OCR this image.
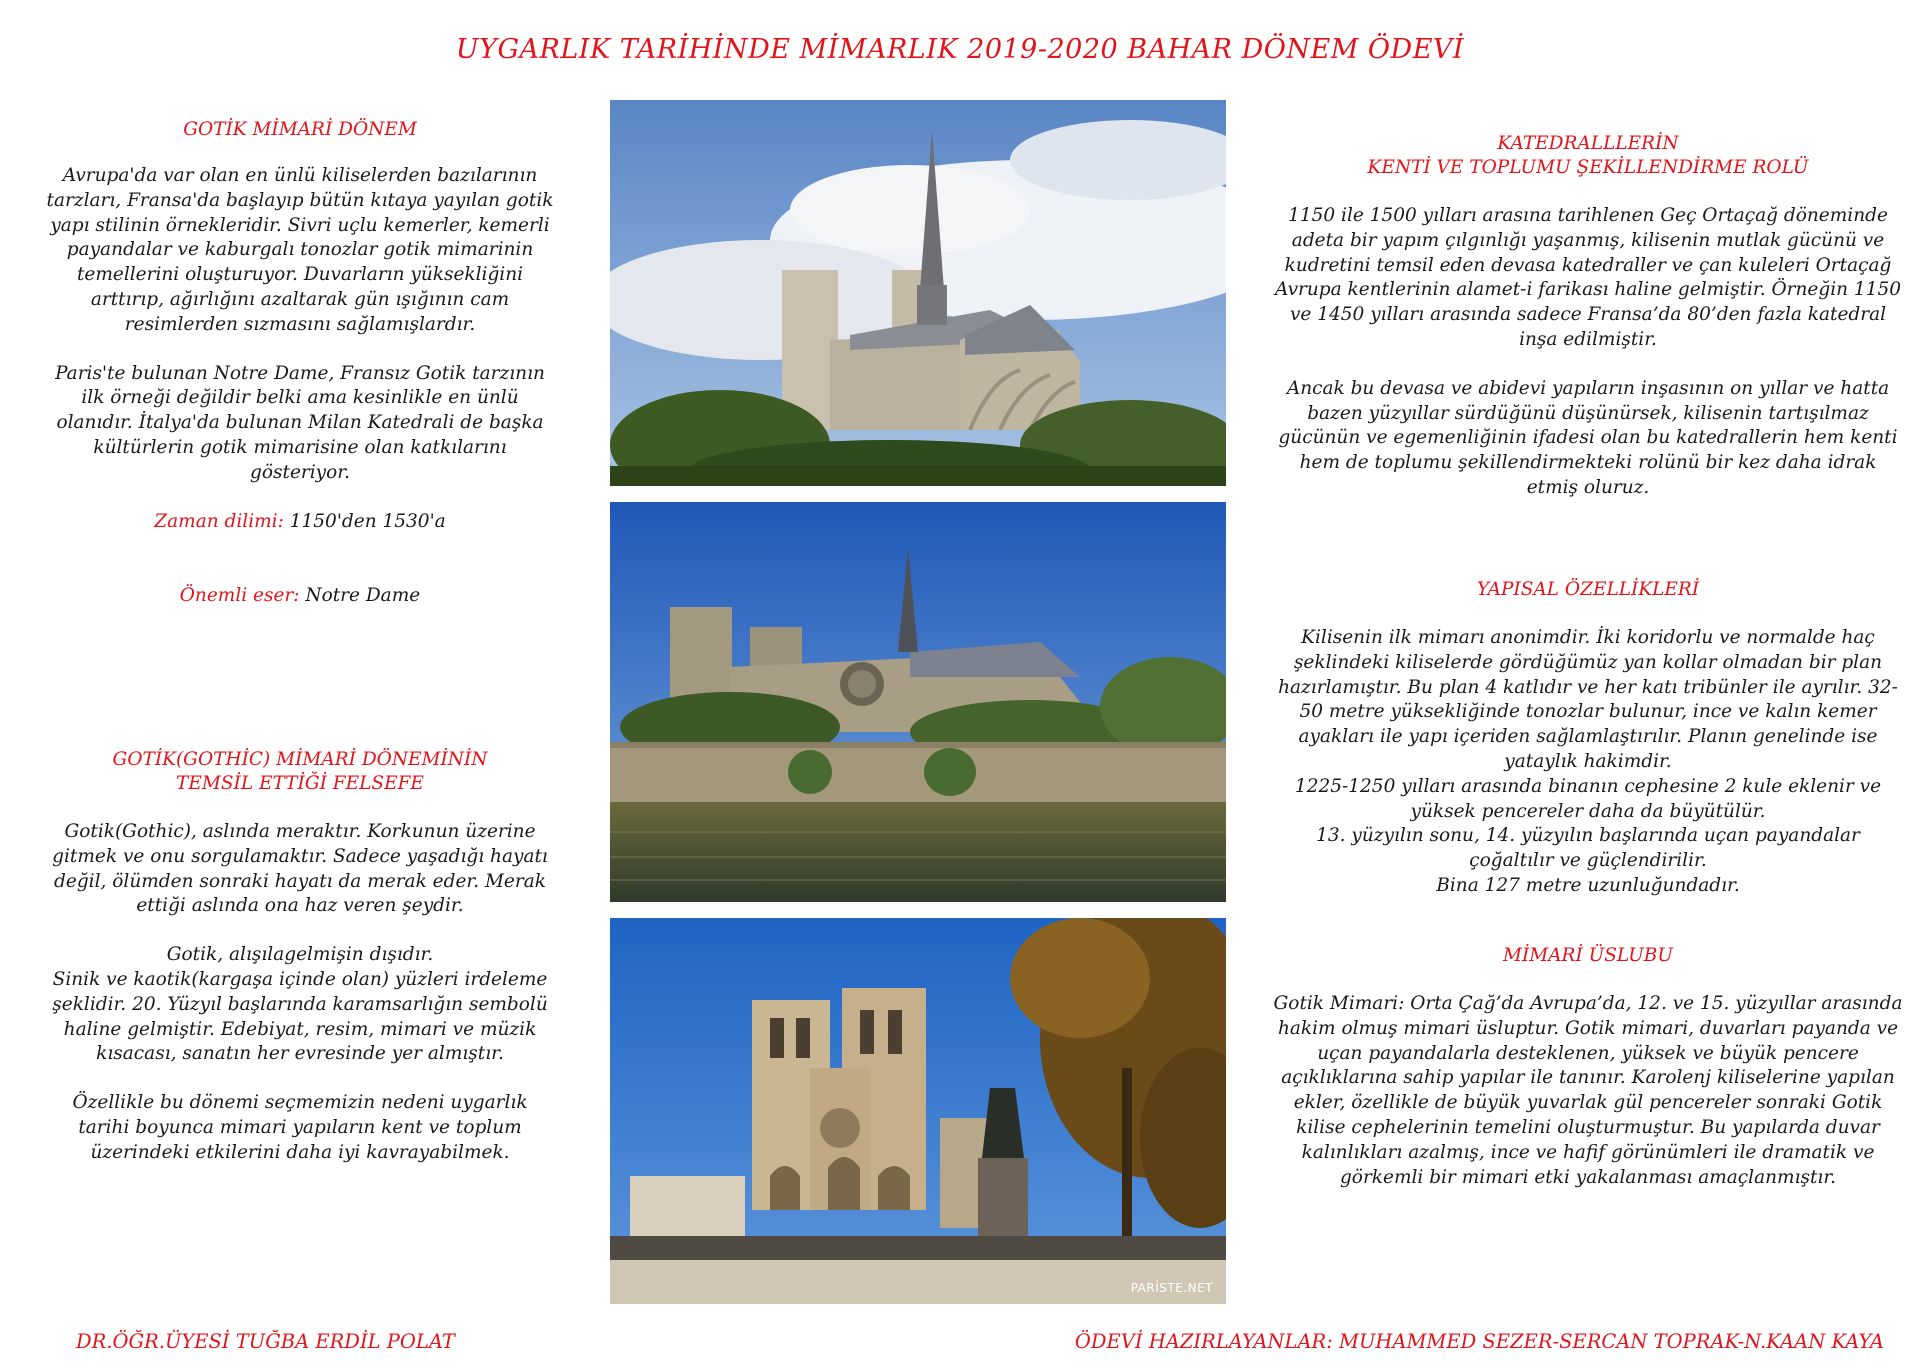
UYGARLIK TARİHİNDE MİMARLIK 2019-2020 BAHAR DÖNEM ÖDEVİ

GOTİK MİMARİ DÖNEM

Avrupa'da var olan en ünlü kiliselerden bazılarının tarzları, Fransa'da başlayıp bütün kıtaya yayılan gotik yapı stilinin örnekleridir. Sivri uçlu kemerler, kemerli payandalar ve kaburgalı tonozlar gotik mimarinin temellerini oluşturuyor. Duvarların yüksekliğini arttırıp, ağırlığını azaltarak gün ışığının cam resimlerden sızmasını sağlamışlardır.

Paris'te bulunan Notre Dame, Fransız Gotik tarzının ilk örneği değildir belki ama kesinlikle en ünlü olanıdır. İtalya'da bulunan Milan Katedrali de başka kültürlerin gotik mimarisine olan katkılarını gösteriyor.

Zaman dilimi: 1150'den 1530'a

Önemli eser: Notre Dame

GOTİK(GOTHİC) MİMARİ DÖNEMİNİN

TEMSİL ETTİĞİ FELSEFE

Gotik(Gothic), aslında meraktır. Korkunun üzerine gitmek ve onu sorgulamaktır. Sadece yaşadığı hayatı değil, ölümden sonraki hayatı da merak eder. Merak ettiği aslında ona haz veren şeydir.

Gotik, alışılagelmişin dışıdır.

Sinik ve kaotik(kargaşa içinde olan) yüzleri irdeleme şeklidir. 20. Yüzyıl başlarında karamsarlığın sembolü haline gelmiştir. Edebiyat, resim, mimari ve müzik kısacası, sanatın her evresinde yer almıştır.

Özellikle bu dönemi seçmemizin nedeni uygarlık tarihi boyunca mimari yapıların kent ve toplum üzerindeki etkilerini daha iyi kavrayabilmek.

PARİSTE.NET

KATEDRALLLERİN

KENTİ VE TOPLUMU ŞEKİLLENDİRME ROLÜ

1150 ile 1500 yılları arasına tarihlenen Geç Ortaçağ döneminde adeta bir yapım çılgınlığı yaşanmış, kilisenin mutlak gücünü ve kudretini temsil eden devasa katedraller ve çan kuleleri Ortaçağ Avrupa kentlerinin alamet-i farikası haline gelmiştir. Örneğin 1150 ve 1450 yılları arasında sadece Fransa’da 80’den fazla katedral inşa edilmiştir.

Ancak bu devasa ve abidevi yapıların inşasının on yıllar ve hatta bazen yüzyıllar sürdüğünü düşünürsek, kilisenin tartışılmaz gücünün ve egemenliğinin ifadesi olan bu katedrallerin hem kenti hem de toplumu şekillendirmekteki rolünü bir kez daha idrak etmiş oluruz.

YAPISAL ÖZELLİKLERİ

Kilisenin ilk mimarı anonimdir. İki koridorlu ve normalde haç şeklindeki kiliselerde gördüğümüz yan kollar olmadan bir plan hazırlamıştır. Bu plan 4 katlıdır ve her katı tribünler ile ayrılır. 32-50 metre yüksekliğinde tonozlar bulunur, ince ve kalın kemer ayakları ile yapı içeriden sağlamlaştırılır. Planın genelinde ise yataylık hakimdir.

1225-1250 yılları arasında binanın cephesine 2 kule eklenir ve yüksek pencereler daha da büyütülür.

13. yüzyılın sonu, 14. yüzyılın başlarında uçan payandalar çoğaltılır ve güçlendirilir.

Bina 127 metre uzunluğundadır.

MİMARİ ÜSLUBU

Gotik Mimari: Orta Çağ’da Avrupa’da, 12. ve 15. yüzyıllar arasında hakim olmuş mimari üsluptur. Gotik mimari, duvarları payanda ve uçan payandalarla desteklenen, yüksek ve büyük pencere açıklıklarına sahip yapılar ile tanınır. Karolenj kiliselerine yapılan ekler, özellikle de büyük yuvarlak gül pencereler sonraki Gotik kilise cephelerinin temelini oluşturmuştur. Bu yapılarda duvar kalınlıkları azalmış, ince ve hafif görünümleri ile dramatik ve görkemli bir mimari etki yakalanması amaçlanmıştır.

DR.ÖĞR.ÜYESİ TUĞBA ERDİL POLAT	ÖDEVİ HAZIRLAYANLAR: MUHAMMED SEZER-SERCAN TOPRAK-N.KAAN KAYA
